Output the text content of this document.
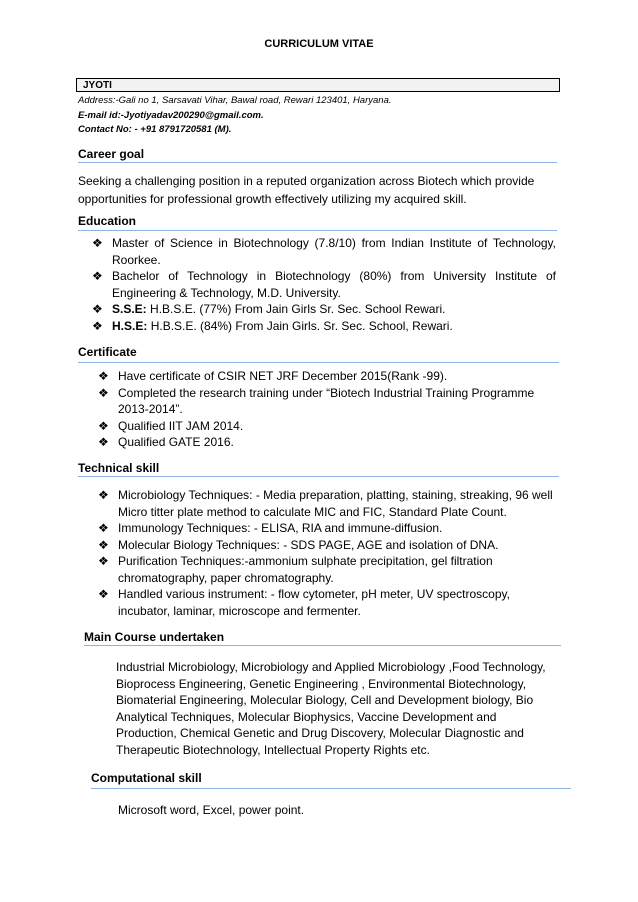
CURRICULUM VITAE
JYOTI
Address:-Gali no 1, Sarsavati Vihar, Bawal road, Rewari 123401, Haryana.
E-mail id:-Jyotiyadav200290@gmail.com.
Contact No: - +91 8791720581 (M).
Career goal
Seeking a challenging position in a reputed organization across Biotech which provide opportunities for professional growth effectively utilizing my acquired skill.
Education
❖ Master of Science in Biotechnology (7.8/10) from Indian Institute of Technology, Roorkee.
❖ Bachelor of Technology in Biotechnology (80%) from University Institute of Engineering & Technology, M.D. University.
❖ S.S.E: H.B.S.E. (77%) From Jain Girls Sr. Sec. School Rewari.
❖ H.S.E: H.B.S.E. (84%) From Jain Girls. Sr. Sec. School, Rewari.
Certificate
❖ Have certificate of CSIR NET JRF December 2015(Rank -99).
❖ Completed the research training under “Biotech Industrial Training Programme 2013-2014”.
❖ Qualified IIT JAM 2014.
❖ Qualified GATE 2016.
Technical skill
❖ Microbiology Techniques: - Media preparation, platting, staining, streaking, 96 well Micro titter plate method to calculate MIC and FIC, Standard Plate Count.
❖ Immunology Techniques: - ELISA, RIA and immune-diffusion.
❖ Molecular Biology Techniques: - SDS PAGE, AGE and isolation of DNA.
❖ Purification Techniques:-ammonium sulphate precipitation, gel filtration chromatography, paper chromatography.
❖ Handled various instrument: - flow cytometer, pH meter, UV spectroscopy, incubator, laminar, microscope and fermenter.
Main Course undertaken
Industrial Microbiology, Microbiology and Applied Microbiology ,Food Technology, Bioprocess Engineering, Genetic Engineering , Environmental Biotechnology, Biomaterial Engineering, Molecular Biology, Cell and Development biology, Bio Analytical Techniques, Molecular Biophysics, Vaccine Development and Production, Chemical Genetic and Drug Discovery, Molecular Diagnostic and Therapeutic Biotechnology, Intellectual Property Rights etc.
Computational skill
Microsoft word, Excel, power point.
